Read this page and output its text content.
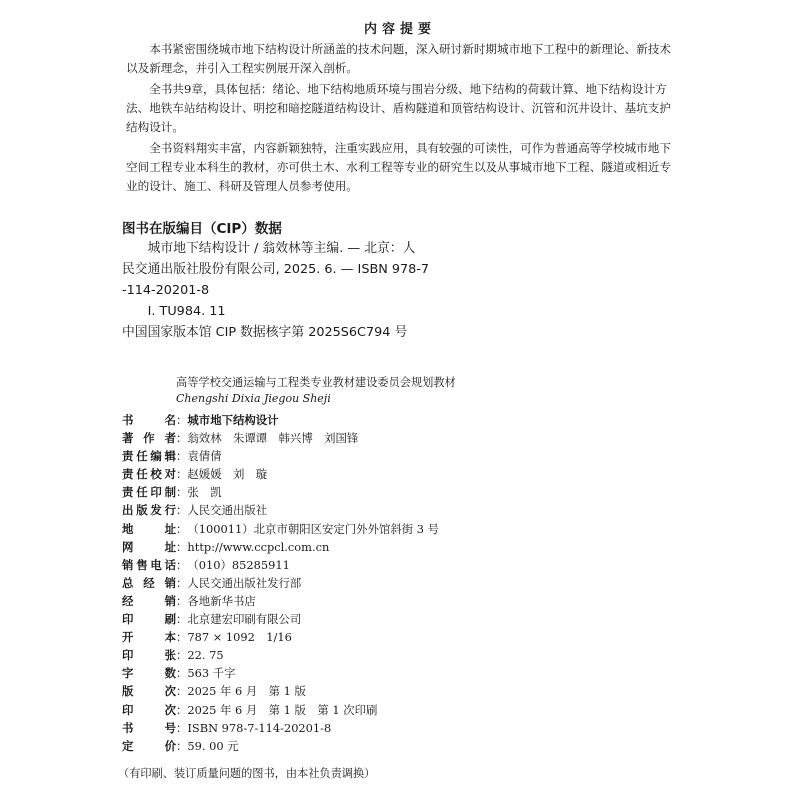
内容提要

本书紧密围绕城市地下结构设计所涵盖的技术问题，深入研讨新时期城市地下工程中的新理论、新技术以及新理念，并引入工程实例展开深入剖析。

全书共9章，具体包括：绪论、地下结构地质环境与围岩分级、地下结构的荷载计算、地下结构设计方法、地铁车站结构设计、明挖和暗挖隧道结构设计、盾构隧道和顶管结构设计、沉管和沉井设计、基坑支护结构设计。

全书资料翔实丰富，内容新颖独特，注重实践应用，具有较强的可读性，可作为普通高等学校城市地下空间工程专业本科生的教材，亦可供土木、水利工程等专业的研究生以及从事城市地下工程、隧道或相近专业的设计、施工、科研及管理人员参考使用。

图书在版编目（CIP）数据
城市地下结构设计 / 翁效林等主编. — 北京：人
民交通出版社股份有限公司, 2025. 6. — ISBN 978-7
-114-20201-8
Ⅰ. TU984. 11
中国国家版本馆 CIP 数据核字第 2025S6C794 号
高等学校交通运输与工程类专业教材建设委员会规划教材
Chengshi Dixia Jiegou Sheji
书名：城市地下结构设计
著作者：翁效林　朱谭谭　韩兴博　刘国锋
责任编辑：袁倩倩
责任校对：赵媛媛　刘　璇
责任印制：张　凯
出版发行：人民交通出版社
地址：（100011）北京市朝阳区安定门外外馆斜街 3 号
网址：http://www.ccpcl.com.cn
销售电话：（010）85285911
总经销：人民交通出版社发行部
经销：各地新华书店
印刷：北京建宏印刷有限公司
开本：787 × 1092　1/16
印张：22. 75
字数：563 千字
版次：2025 年 6 月　第 1 版
印次：2025 年 6 月　第 1 版　第 1 次印刷
书号：ISBN 978-7-114-20201-8
定价：59. 00 元
（有印刷、装订质量问题的图书，由本社负责调换）
